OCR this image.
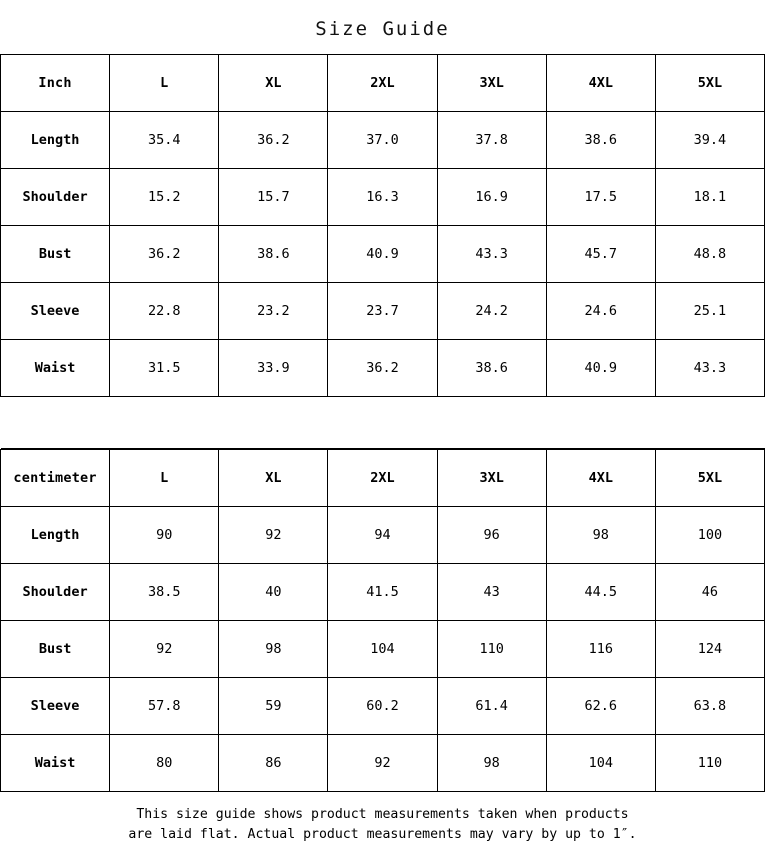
Size Guide
Inch	L	XL	2XL	3XL	4XL	5XL
Length	35.4	36.2	37.0	37.8	38.6	39.4
Shoulder	15.2	15.7	16.3	16.9	17.5	18.1
Bust	36.2	38.6	40.9	43.3	45.7	48.8
Sleeve	22.8	23.2	23.7	24.2	24.6	25.1
Waist	31.5	33.9	36.2	38.6	40.9	43.3

centimeter	L	XL	2XL	3XL	4XL	5XL
Length	90	92	94	96	98	100
Shoulder	38.5	40	41.5	43	44.5	46
Bust	92	98	104	110	116	124
Sleeve	57.8	59	60.2	61.4	62.6	63.8
Waist	80	86	92	98	104	110
This size guide shows product measurements taken when products
are laid flat. Actual product measurements may vary by up to 1″.
